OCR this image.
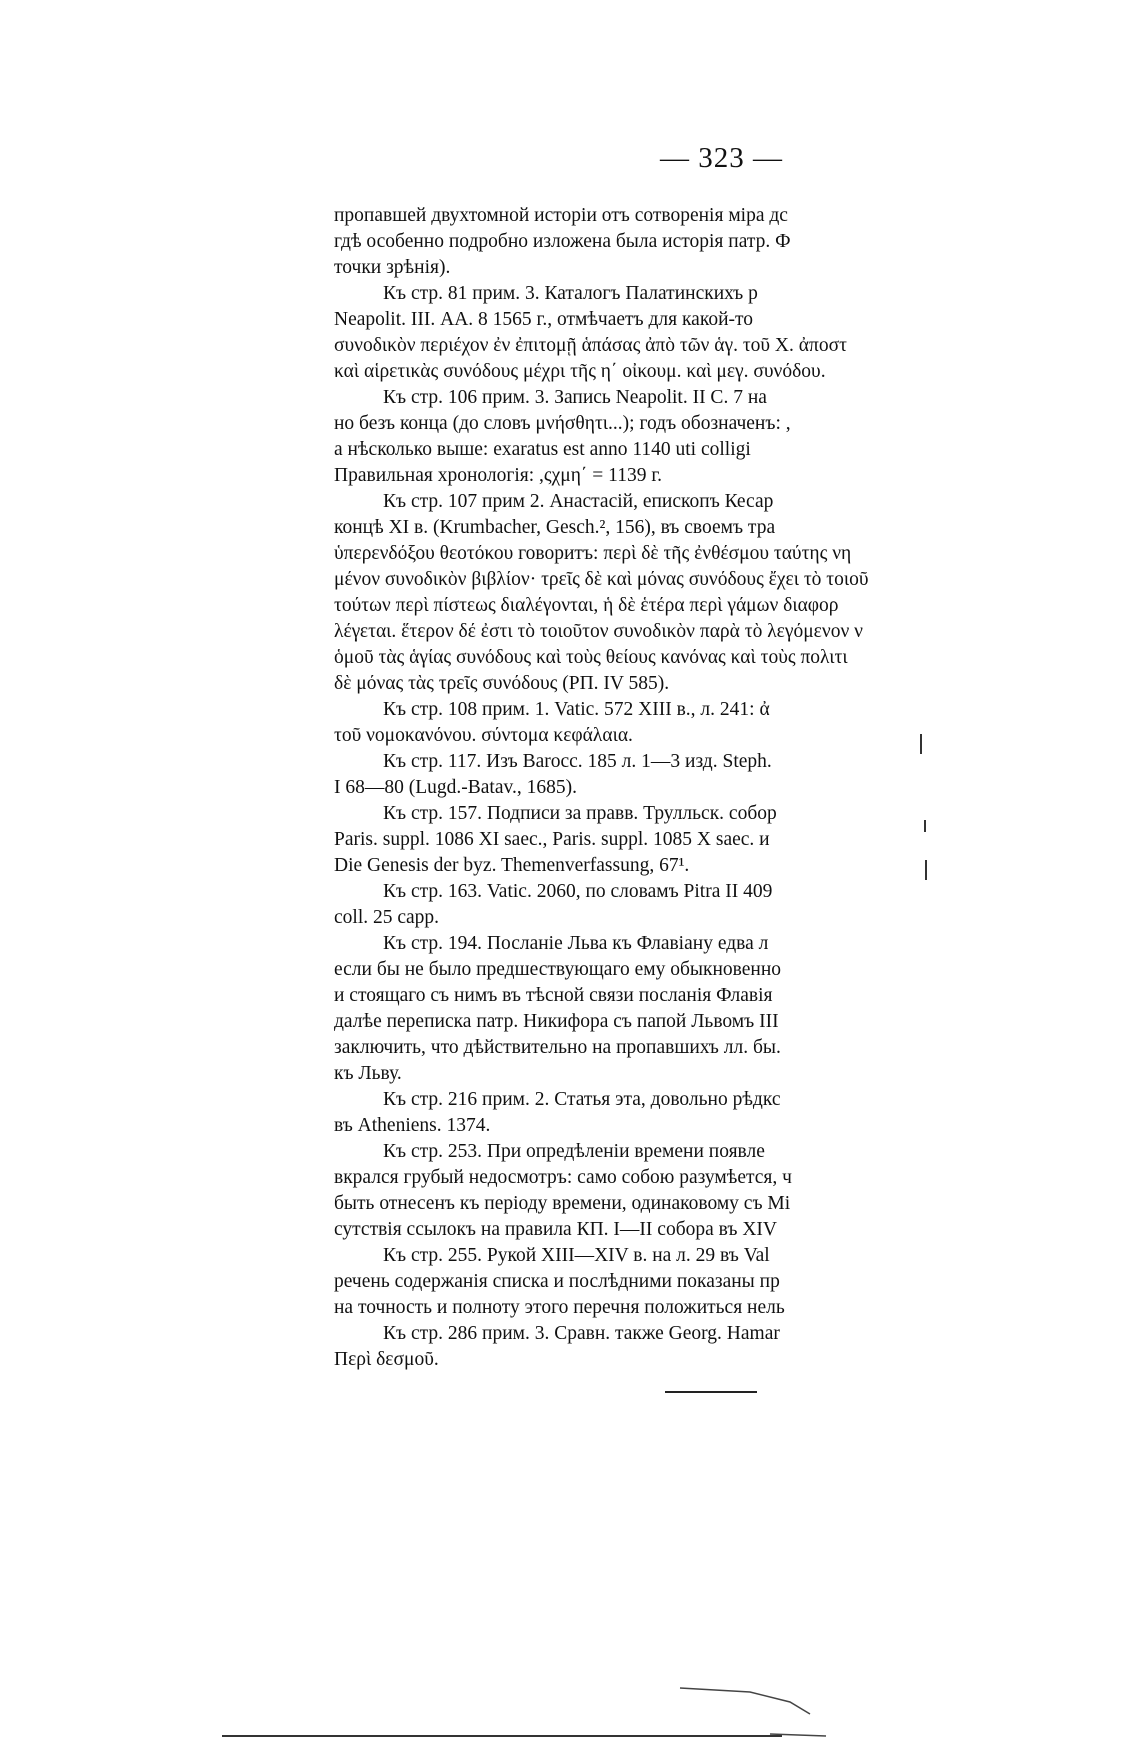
— 323 —
пропавшей двухтомной исторіи отъ сотворенія міра дс
гдѣ особенно подробно изложена была исторія патр. Ф
точки зрѣнія).
Къ стр. 81 прим. 3. Каталогъ Палатинскихъ р
Neapolit. III. АА. 8 1565 г., отмѣчаетъ для какой-то
συνοδικὸν περιέχον ἐν ἐπιτομῇ ἁπάσας ἀπὸ τῶν ἁγ. τοῦ Χ. ἀποστ
καὶ αἱρετικὰς συνόδους μέχρι τῆς η΄ οἰκουμ. καὶ μεγ. συνόδου.
Къ стр. 106 прим. 3. Запись Neapolit. II С. 7 на
но безъ конца (до словъ μνήσθητι...); годъ обозначенъ: ,
а нѣсколько выше: exaratus est anno 1140 uti colligi
Правильная хронологія: ,ςχμη΄ = 1139 г.
Къ стр. 107 прим 2. Анастасій, епископъ Кесар
концѣ XI в. (Krumbacher, Gesch.², 156), въ своемъ тра
ὑπερενδόξου θεοτόκου говоритъ: περὶ δὲ τῆς ἐνθέσμου ταύτης νη
μένον συνοδικὸν βιβλίον· τρεῖς δὲ καὶ μόνας συνόδους ἔχει τὸ τοιοῦ
τούτων περὶ πίστεως διαλέγονται, ἡ δὲ ἑτέρα περὶ γάμων διαφορ
λέγεται. ἕτερον δέ ἐστι τὸ τοιοῦτον συνοδικὸν παρὰ τὸ λεγόμενον ν
ὁμοῦ τὰς ἁγίας συνόδους καὶ τοὺς θείους κανόνας καὶ τοὺς πολιτι
δὲ μόνας τὰς τρεῖς συνόδους (PП. IV 585).
Къ стр. 108 прим. 1. Vatic. 572 XIII в., л. 241: ἀ
τοῦ νομοκανόνου. σύντομα κεφάλαια.
Къ стр. 117. Изъ Barocc. 185 л. 1—3 изд. Steph.
I 68—80 (Lugd.-Batav., 1685).
Къ стр. 157. Подписи за правв. Трулльск. собор
Paris. suppl. 1086 XI saec., Paris. suppl. 1085 X saec. и
Die Genesis der byz. Themenverfassung, 67¹.
Къ стр. 163. Vatic. 2060, по словамъ Pitra II 409
coll. 25 capp.
Къ стр. 194. Посланіе Льва къ Флавіану едва л
если бы не было предшествующаго ему обыкновенно
и стоящаго съ нимъ въ тѣсной связи посланія Флавія
далѣе переписка патр. Никифора съ папой Львомъ III
заключить, что дѣйствительно на пропавшихъ лл. бы.
къ Льву.
Къ стр. 216 прим. 2. Статья эта, довольно рѣдкс
въ Atheniens. 1374.
Къ стр. 253. При опредѣленіи времени появле
вкрался грубый недосмотръ: само собою разумѣется, ч
быть отнесенъ къ періоду времени, одинаковому съ Mi
сутствія ссылокъ на правила КП. I—II собора въ XIV
Къ стр. 255. Рукой XIII—XIV в. на л. 29 въ Val
речень содержанія списка и послѣдними показаны пр
на точность и полноту этого перечня положиться нель
Къ стр. 286 прим. 3. Сравн. также Georg. Hamar
Περὶ δεσμοῦ.
